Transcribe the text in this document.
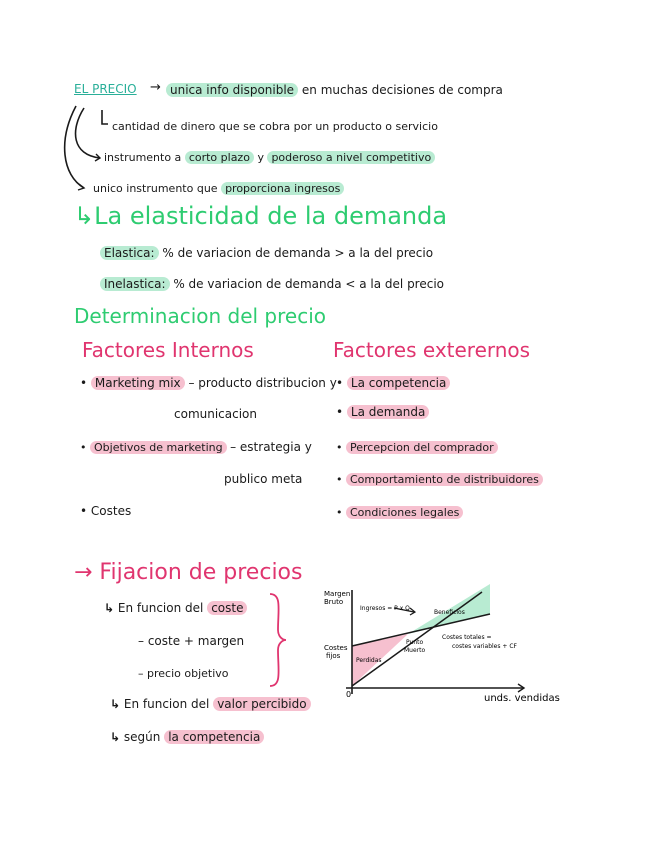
EL PRECIO → unica info disponible en muchas decisiones de compra
cantidad de dinero que se cobra por un producto o servicio
instrumento a corto plazo y poderoso a nivel competitivo
unico instrumento que proporciona ingresos
↳La elasticidad de la demanda
Elastica: % de variacion de demanda > a la del precio
Inelastica: % de variacion de demanda < a la del precio
Determinacion del precio
Factores Internos	Factores exterernos
• Marketing mix – producto distribucion y
comunicacion
• Objetivos de marketing – estrategia y
publico meta
• Costes
• La competencia
• La demanda
• Percepcion del comprador
• Comportamiento de distribuidores
• Condiciones legales
→ Fijacion de precios
↳ En funcion del coste
– coste + margen
– precio objetivo
↳ En funcion del valor percibido
↳ según la competencia
Margen
Bruto
Ingresos = P x Q
Beneficios
Costes
fijos
Perdidas
Punto
Muerto
Costes totales =
costes variables + CF
0	unds. vendidas
